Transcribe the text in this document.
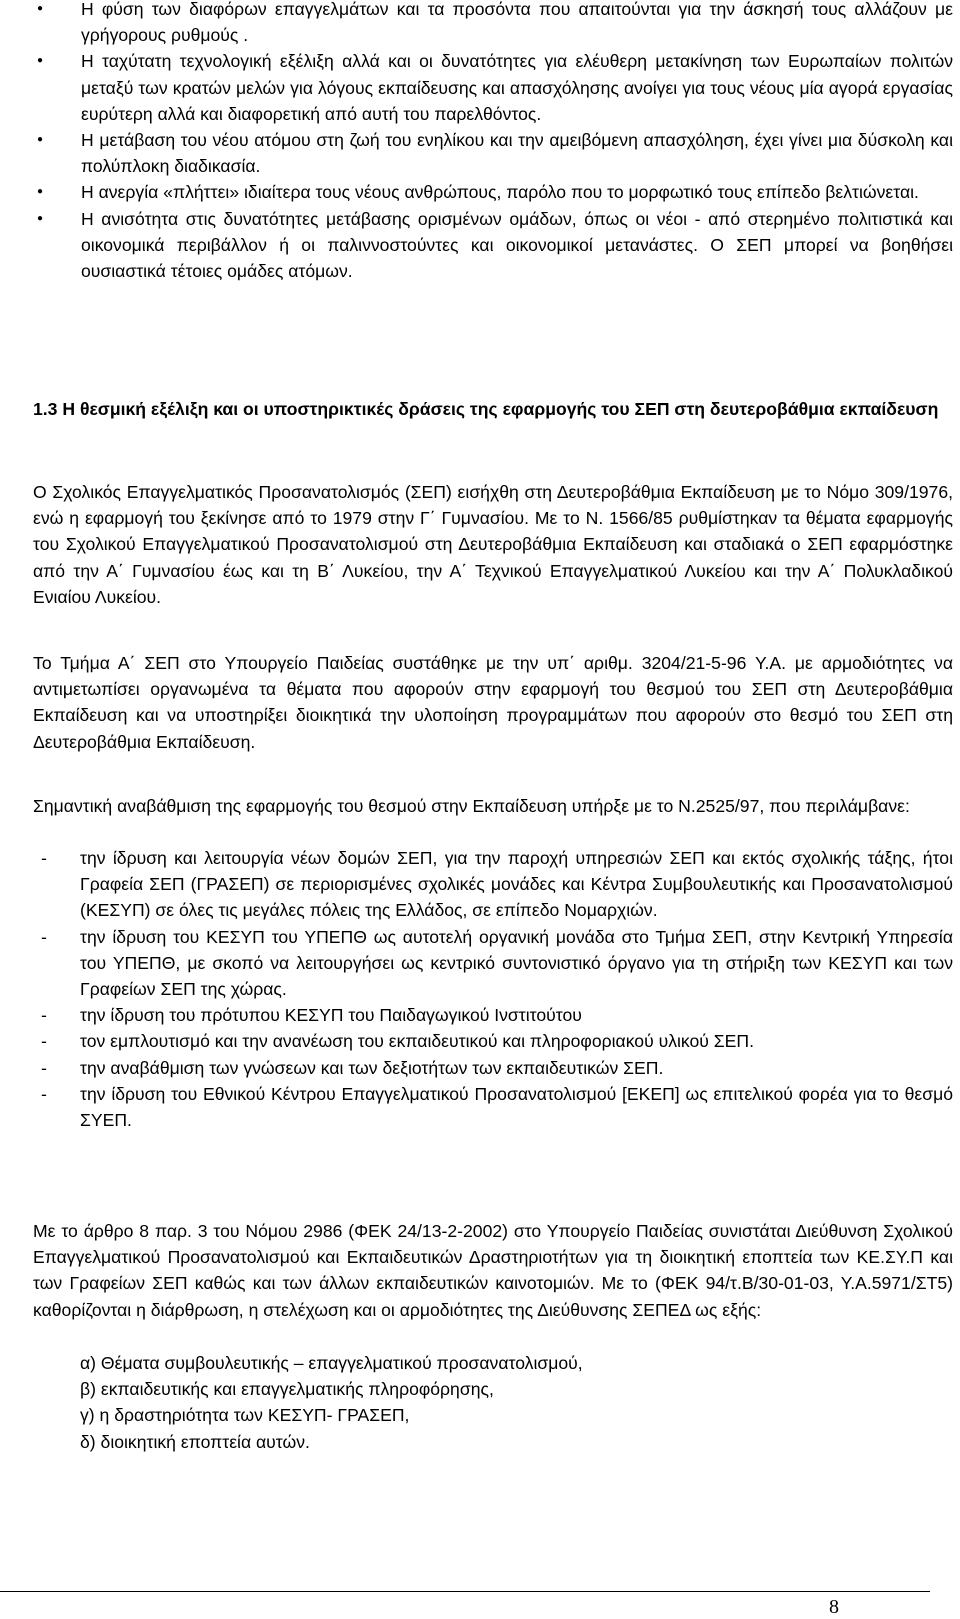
● Η φύση των διαφόρων επαγγελμάτων και τα προσόντα που απαιτούνται για την άσκησή τους αλλάζουν με γρήγορους ρυθμούς .
● Η ταχύτατη τεχνολογική εξέλιξη αλλά και οι δυνατότητες για ελέυθερη μετακίνηση των Ευρωπαίων πολιτών μεταξύ των κρατών μελών για λόγους εκπαίδευσης και απασχόλησης ανοίγει για τους νέους μία αγορά εργασίας ευρύτερη αλλά και διαφορετική από αυτή του παρελθόντος.
● Η μετάβαση του νέου ατόμου στη ζωή του ενηλίκου και την αμειβόμενη απασχόληση, έχει γίνει μια δύσκολη και πολύπλοκη διαδικασία.
● Η ανεργία «πλήττει» ιδιαίτερα τους νέους ανθρώπους, παρόλο που το μορφωτικό τους επίπεδο βελτιώνεται.
● Η ανισότητα στις δυνατότητες μετάβασης ορισμένων ομάδων, όπως οι νέοι - από στερημένο πολιτιστικά και οικονομικά περιβάλλον ή οι παλιννοστούντες και οικονομικοί μετανάστες. Ο ΣΕΠ μπορεί να βοηθήσει ουσιαστικά τέτοιες ομάδες ατόμων.
1.3 Η θεσμική εξέλιξη και οι υποστηρικτικές δράσεις της εφαρμογής του ΣΕΠ στη δευτεροβάθμια εκπαίδευση

Ο Σχολικός Επαγγελματικός Προσανατολισμός (ΣΕΠ) εισήχθη στη Δευτεροβάθμια Εκπαίδευση με το Νόμο 309/1976, ενώ η εφαρμογή του ξεκίνησε από το 1979 στην Γ΄ Γυμνασίου. Με το Ν. 1566/85 ρυθμίστηκαν τα θέματα εφαρμογής του Σχολικού Επαγγελματικού Προσανατολισμού στη Δευτεροβάθμια Εκπαίδευση και σταδιακά ο ΣΕΠ εφαρμόστηκε από την Α΄ Γυμνασίου έως και τη Β΄ Λυκείου, την Α΄ Τεχνικού Επαγγελματικού Λυκείου και την Α΄ Πολυκλαδικού Ενιαίου Λυκείου.

Το Τμήμα Α΄ ΣΕΠ στο Υπουργείο Παιδείας συστάθηκε με την υπ΄ αριθμ. 3204/21-5-96 Υ.Α. με αρμοδιότητες να αντιμετωπίσει οργανωμένα τα θέματα που αφορούν στην εφαρμογή του θεσμού του ΣΕΠ στη Δευτεροβάθμια Εκπαίδευση και να υποστηρίξει διοικητικά την υλοποίηση προγραμμάτων που αφορούν στο θεσμό του ΣΕΠ στη Δευτεροβάθμια Εκπαίδευση.

Σημαντική αναβάθμιση της εφαρμογής του θεσμού στην Εκπαίδευση υπήρξε με το Ν.2525/97, που περιλάμβανε:

- την ίδρυση και λειτουργία νέων δομών ΣΕΠ, για την παροχή υπηρεσιών ΣΕΠ και εκτός σχολικής τάξης, ήτοι Γραφεία ΣΕΠ (ΓΡΑΣΕΠ) σε περιορισμένες σχολικές μονάδες και Κέντρα Συμβουλευτικής και Προσανατολισμού (ΚΕΣΥΠ) σε όλες τις μεγάλες πόλεις της Ελλάδος, σε επίπεδο Νομαρχιών.
- την ίδρυση του ΚΕΣΥΠ του ΥΠΕΠΘ ως αυτοτελή οργανική μονάδα στο Τμήμα ΣΕΠ, στην Κεντρική Υπηρεσία του ΥΠΕΠΘ, με σκοπό να λειτουργήσει ως κεντρικό συντονιστικό όργανο για τη στήριξη των ΚΕΣΥΠ και των Γραφείων ΣΕΠ της χώρας.
- την ίδρυση του πρότυπου ΚΕΣΥΠ του Παιδαγωγικού Ινστιτούτου
- τον εμπλουτισμό και την ανανέωση του εκπαιδευτικού και πληροφοριακού υλικού ΣΕΠ.
- την αναβάθμιση των γνώσεων και των δεξιοτήτων των εκπαιδευτικών ΣΕΠ.
- την ίδρυση του Εθνικού Κέντρου Επαγγελματικού Προσανατολισμού [ΕΚΕΠ] ως επιτελικού φορέα για το θεσμό ΣΥΕΠ.

Με το άρθρο 8 παρ. 3 του Νόμου 2986 (ΦΕΚ 24/13-2-2002) στο Υπουργείο Παιδείας συνιστάται Διεύθυνση Σχολικού Επαγγελματικού Προσανατολισμού και Εκπαιδευτικών Δραστηριοτήτων για τη διοικητική εποπτεία των ΚΕ.ΣΥ.Π και των Γραφείων ΣΕΠ καθώς και των άλλων εκπαιδευτικών καινοτομιών. Με το (ΦΕΚ 94/τ.Β/30-01-03, Υ.Α.5971/ΣΤ5) καθορίζονται η διάρθρωση, η στελέχωση και οι αρμοδιότητες της Διεύθυνσης ΣΕΠΕΔ ως εξής:

α) Θέματα συμβουλευτικής – επαγγελματικού προσανατολισμού,
β) εκπαιδευτικής και επαγγελματικής πληροφόρησης,
γ) η δραστηριότητα των ΚΕΣΥΠ- ΓΡΑΣΕΠ,
δ) διοικητική εποπτεία αυτών.
8
